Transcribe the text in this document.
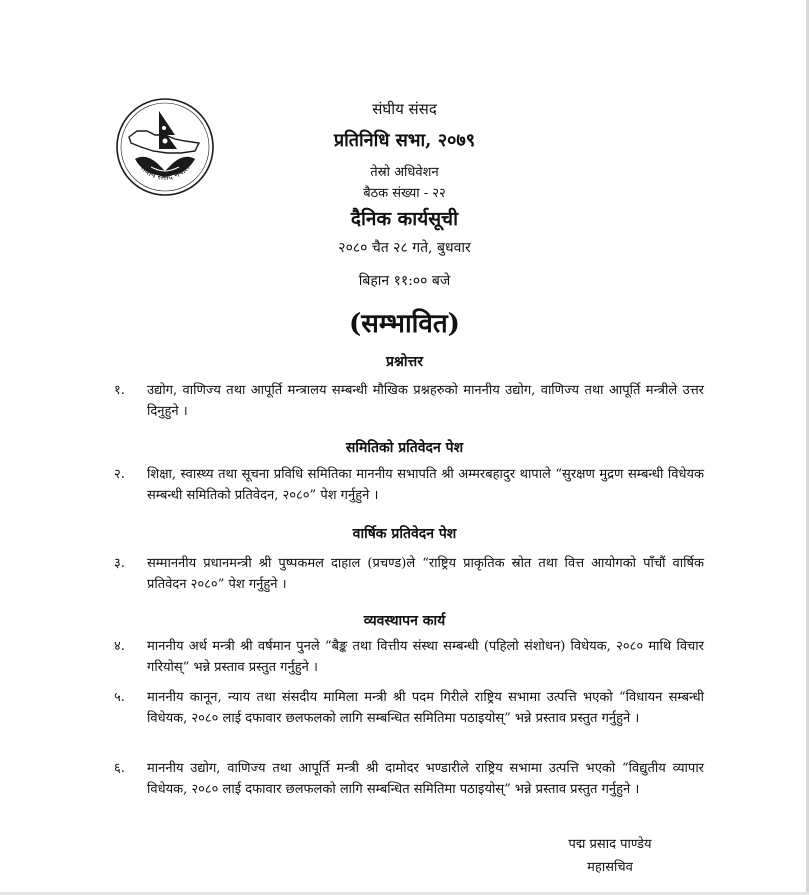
संघीय संसद नेपाल
संघीय संसद
प्रतिनिधि सभा, २०७९
तेस्रो अधिवेशन
बैठक संख्या - २२
दैनिक कार्यसूची
२०८० चैत २८ गते, बुधवार
बिहान ११:०० बजे
(सम्भावित)
प्रश्नोत्तर
१. उद्योग, वाणिज्य तथा आपूर्ति मन्त्रालय सम्बन्धी मौखिक प्रश्नहरुको माननीय उद्योग, वाणिज्य तथा आपूर्ति मन्त्रीले उत्तर दिनुहुने ।
समितिको प्रतिवेदन पेश
२. शिक्षा, स्वास्थ्य तथा सूचना प्रविधि समितिका माननीय सभापति श्री अम्मरबहादुर थापाले “सुरक्षण मुद्रण सम्बन्धी विधेयक सम्बन्धी समितिको प्रतिवेदन, २०८०” पेश गर्नुहुने ।
वार्षिक प्रतिवेदन पेश
३. सम्माननीय प्रधानमन्त्री श्री पुष्पकमल दाहाल (प्रचण्ड)ले “राष्ट्रिय प्राकृतिक स्रोत तथा वित्त आयोगको पाँचौं वार्षिक प्रतिवेदन २०८०” पेश गर्नुहुने ।
व्यवस्थापन कार्य
४. माननीय अर्थ मन्त्री श्री वर्षमान पुनले “बैङ्क तथा वित्तीय संस्था सम्बन्धी (पहिलो संशोधन) विधेयक, २०८० माथि विचार गरियोस्” भन्ने प्रस्ताव प्रस्तुत गर्नुहुने ।
५. माननीय कानून, न्याय तथा संसदीय मामिला मन्त्री श्री पदम गिरीले राष्ट्रिय सभामा उत्पत्ति भएको “विधायन सम्बन्धी विधेयक, २०८० लाई दफावार छलफलको लागि सम्बन्धित समितिमा पठाइयोस्” भन्ने प्रस्ताव प्रस्तुत गर्नुहुने ।
६. माननीय उद्योग, वाणिज्य तथा आपूर्ति मन्त्री श्री दामोदर भण्डारीले राष्ट्रिय सभामा उत्पत्ति भएको “विद्युतीय व्यापार विधेयक, २०८० लाई दफावार छलफलको लागि सम्बन्धित समितिमा पठाइयोस्” भन्ने प्रस्ताव प्रस्तुत गर्नुहुने ।
पद्म प्रसाद पाण्डेय
महासचिव
